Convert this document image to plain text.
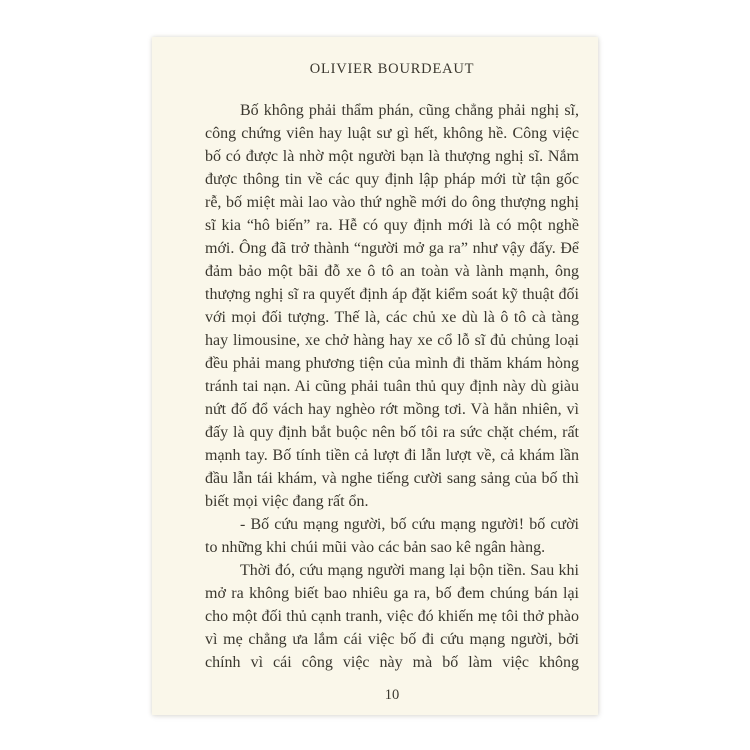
OLIVIER BOURDEAUT

Bố không phải thẩm phán, cũng chẳng phải nghị sĩ, công chứng viên hay luật sư gì hết, không hề. Công việc bố có được là nhờ một người bạn là thượng nghị sĩ. Nắm được thông tin về các quy định lập pháp mới từ tận gốc rễ, bố miệt mài lao vào thứ nghề mới do ông thượng nghị sĩ kia “hô biến” ra. Hễ có quy định mới là có một nghề mới. Ông đã trở thành “người mở ga ra” như vậy đấy. Để đảm bảo một bãi đỗ xe ô tô an toàn và lành mạnh, ông thượng nghị sĩ ra quyết định áp đặt kiểm soát kỹ thuật đối với mọi đối tượng. Thế là, các chủ xe dù là ô tô cà tàng hay limousine, xe chở hàng hay xe cổ lỗ sĩ đủ chủng loại đều phải mang phương tiện của mình đi thăm khám hòng tránh tai nạn. Ai cũng phải tuân thủ quy định này dù giàu nứt đố đổ vách hay nghèo rớt mồng tơi. Và hẳn nhiên, vì đấy là quy định bắt buộc nên bố tôi ra sức chặt chém, rất mạnh tay. Bố tính tiền cả lượt đi lẫn lượt về, cả khám lần đầu lẫn tái khám, và nghe tiếng cười sang sảng của bố thì biết mọi việc đang rất ổn.

- Bố cứu mạng người, bố cứu mạng người! bố cười to những khi chúi mũi vào các bản sao kê ngân hàng.

Thời đó, cứu mạng người mang lại bộn tiền. Sau khi mở ra không biết bao nhiêu ga ra, bố đem chúng bán lại cho một đối thủ cạnh tranh, việc đó khiến mẹ tôi thở phào vì mẹ chẳng ưa lắm cái việc bố đi cứu mạng người, bởi chính vì cái công việc này mà bố làm việc không

10
